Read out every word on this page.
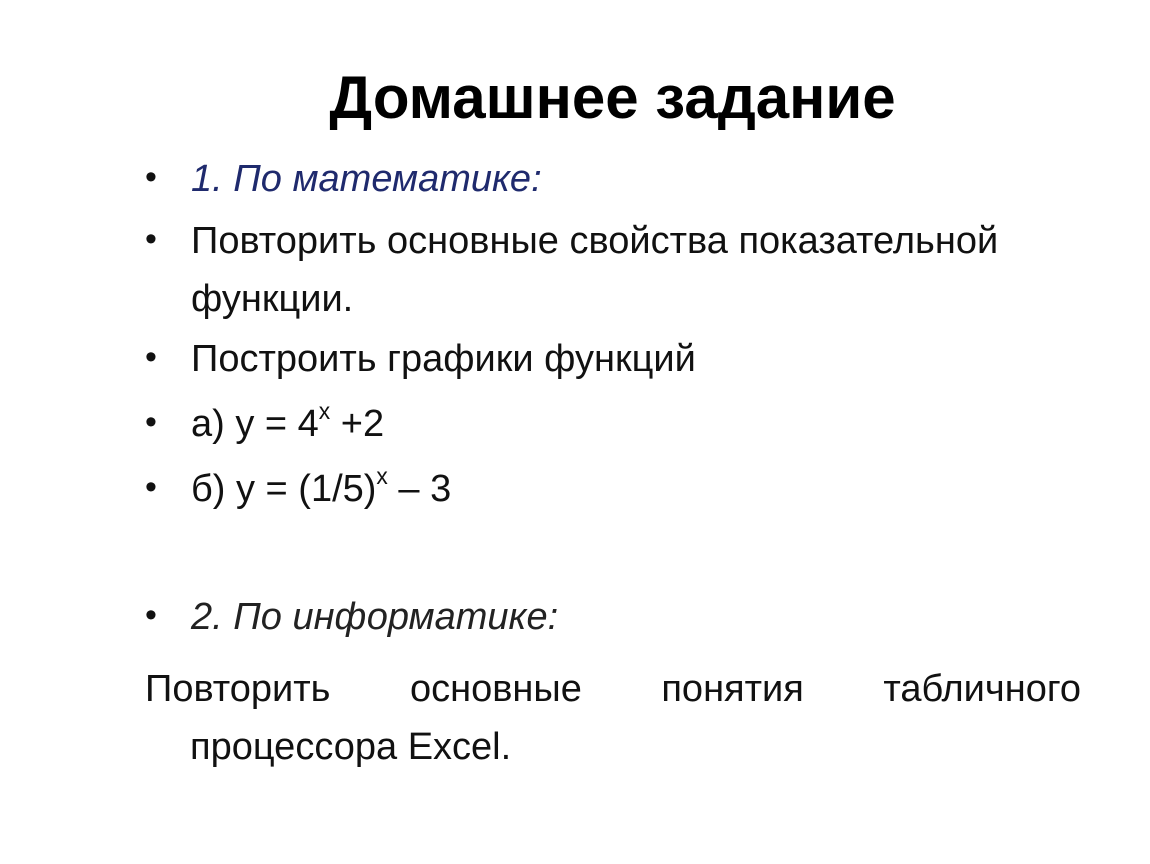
Домашнее задание
• 1. По математике:
• Повторить основные свойства показательной
функции.
• Построить графики функций
• а) $у = 4^х +2$
• б) $у = (1/5)^х - 3$
• 2. По информатике:
Повторить основные понятия табличного
процессора Excel.
